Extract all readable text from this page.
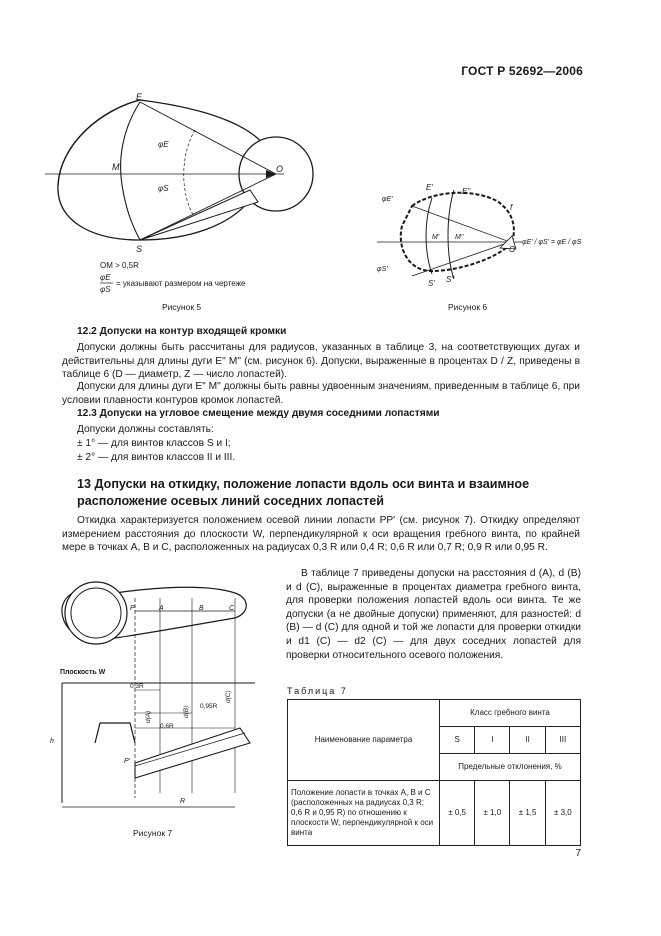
ГОСТ Р 52692—2006
E
S
M	O
φE
φS
OM > 0,5R
φE
φS
= указывают размером на чертеже
Рисунок 5
φE'
φS'
E'	E"
M' M"
S' S"
O
f
φE' / φS' = φE / φS
Рисунок 6
12.2 Допуски на контур входящей кромки

Допуски должны быть рассчитаны для радиусов, указанных в таблице 3, на соответствующих дугах и действительны для длины дуги E" M" (см. рисунок 6). Допуски, выраженные в процентах D / Z, приведены в таблице 6 (D — диаметр, Z — число лопастей).

Допуски для длины дуги E" M" должны быть равны удвоенным значениям, приведенным в таблице 6, при условии плавности контуров кромок лопастей.

12.3 Допуски на угловое смещение между двумя соседними лопастями

Допуски должны составлять:

± 1° — для винтов классов S и I;

± 2° — для винтов классов II и III.

13 Допуски на откидку, положение лопасти вдоль оси винта и взаимное расположение осевых линий соседних лопастей

Откидка характеризуется положением осевой линии лопасти PP' (см. рисунок 7). Откидку определяют измерением расстояния до плоскости W, перпендикулярной к оси вращения гребного винта, по крайней мере в точках A, B и C, расположенных на радиусах 0,3 R или 0,4 R; 0,6 R или 0,7 R; 0,9 R или 0,95 R.

В таблице 7 приведены допуски на расстояния d (A), d (B) и d (C), выраженные в процентах диаметра гребного винта, для проверки положения лопастей вдоль оси винта. Те же допуски (а не двойные допуски) применяют, для разностей: d (B) — d (C) для одной и той же лопасти для проверки откидки и d1 (C) — d2 (C) — для двух соседних лопастей для проверки относительного осевого положения.

P	A	B	C
Плоскость W
0,3R
0,6R
0,95R
P'
h
R
d(A)	d(B)
d(C)
Рисунок 7
Таблица 7
Наименование параметра	Класс гребного винта			
	S	I	II	III
	Предельные отклонения, %			
Положение лопасти в точках A, B и C (расположенных на радиусах 0,3 R; 0,6 R и 0,95 R) по отношению к плоскости W, перпендикулярной к оси винта	± 0,5	± 1,0	± 1,5	± 3,0
7
